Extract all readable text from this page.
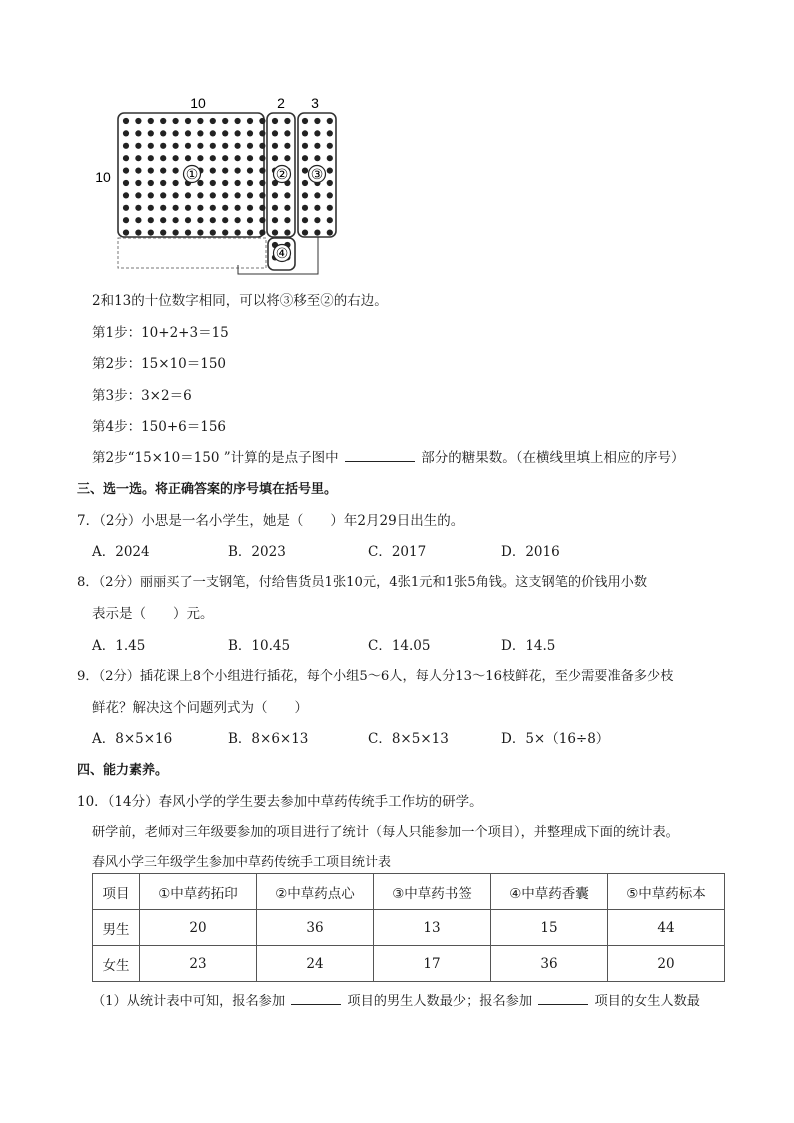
10	2 3
10	①	② ③
④
2和13的十位数字相同，可以将③移至②的右边。
第1步：10+2+3＝15
第2步：15×10＝150
第3步：3×2＝6
第4步：150+6＝156
第2步“15×10＝150 ”计算的是点子图中	部分的糖果数。（在横线里填上相应的序号）
三、选一选。将正确答案的序号填在括号里。
7．（2分）小思是一名小学生，她是（　　）年2月29日出生的。
A．2024	B．2023	C．2017	D．2016
8．（2分）丽丽买了一支钢笔，付给售货员1张10元，4张1元和1张5角钱。这支钢笔的价钱用小数
表示是（　　）元。
A．1.45	B．10.45	C．14.05	D．14.5
9．（2分）插花课上8个小组进行插花，每个小组5～6人，每人分13～16枝鲜花，至少需要准备多少枝
鲜花？解决这个问题列式为（　　）
A．8×5×16	B．8×6×13	C．8×5×13	D．5×（16÷8）
四、能力素养。
10．（14分）春风小学的学生要去参加中草药传统手工作坊的研学。
研学前，老师对三年级要参加的项目进行了统计（每人只能参加一个项目），并整理成下面的统计表。
春风小学三年级学生参加中草药传统手工项目统计表
项目	①中草药拓印	②中草药点心	③中草药书签	④中草药香囊	⑤中草药标本
男生	20	36	13	15	44
女生	23	24	17	36	20
（1）从统计表中可知，报名参加	项目的男生人数最少；报名参加	项目的女生人数最
